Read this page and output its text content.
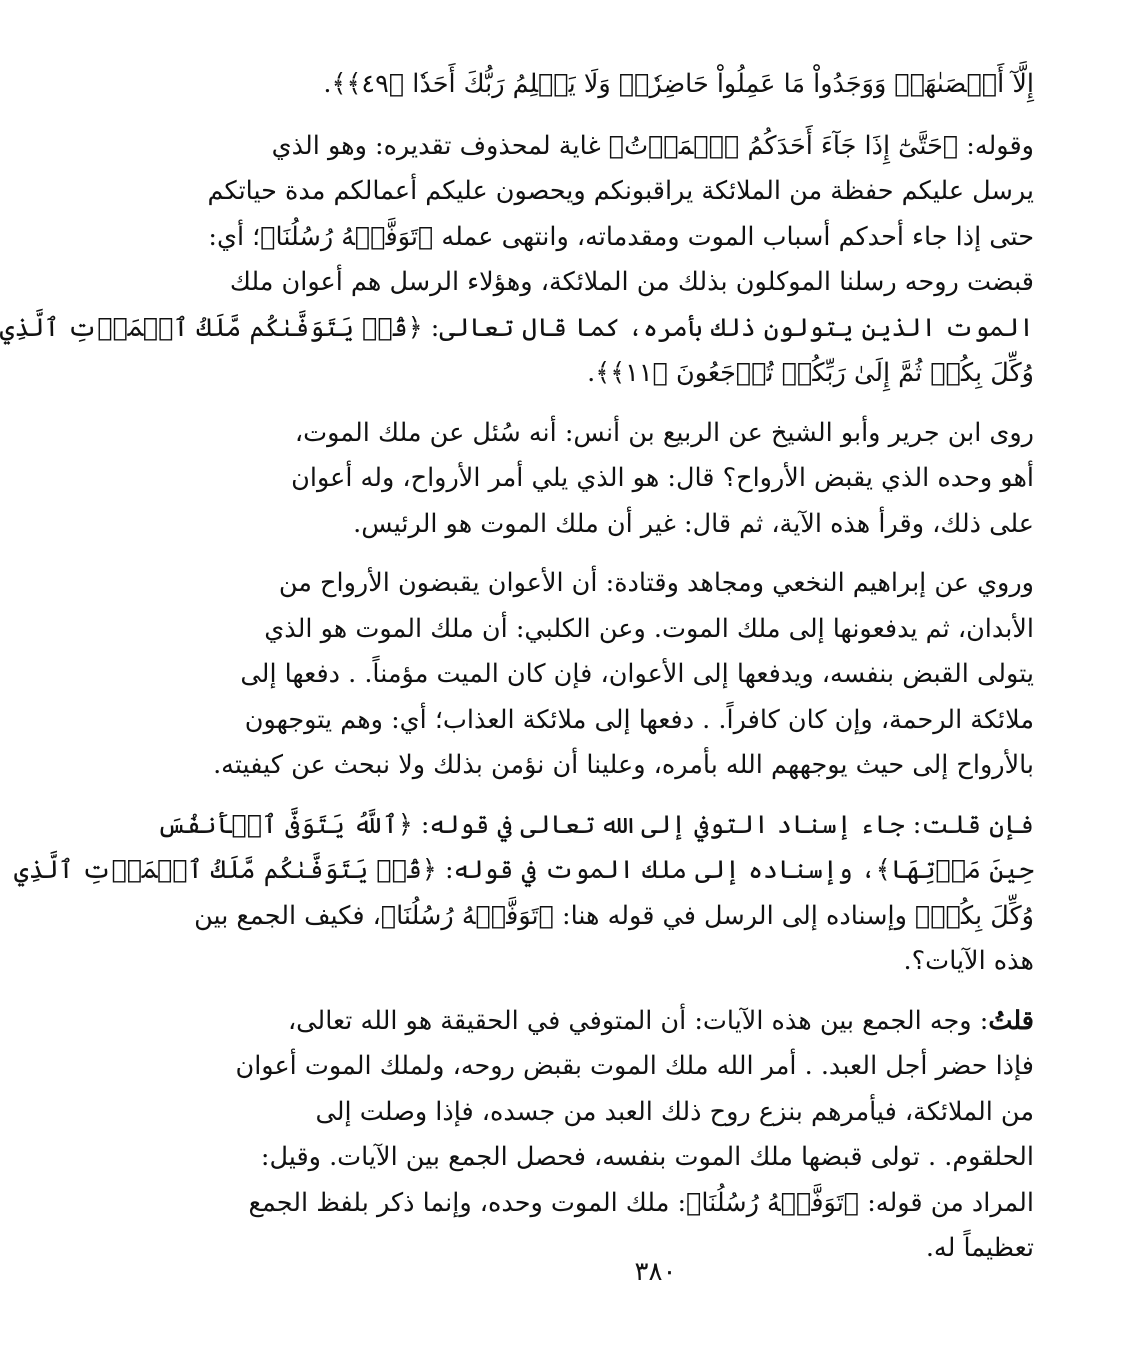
إِلَّآ أَحۡصَىٰهَاۚ وَوَجَدُواْ مَا عَمِلُواْ حَاضِرٗاۗ وَلَا يَظۡلِمُ رَبُّكَ أَحَدٗا ﴿٤٩﴾﴾.
وقوله: ﴿حَتَّىٰٓ إِذَا جَآءَ أَحَدَكُمُ ٱلۡمَوۡتُ﴾ غاية لمحذوف تقديره: وهو الذي
يرسل عليكم حفظة من الملائكة يراقبونكم ويحصون عليكم أعمالكم مدة حياتكم
حتى إذا جاء أحدكم أسباب الموت ومقدماته، وانتهى عمله ﴿تَوَفَّتۡهُ رُسُلُنَا﴾؛ أي:
قبضت روحه رسلنا الموكلون بذلك من الملائكة، وهؤلاء الرسل هم أعوان ملك
الموت الذين يتولون ذلك بأمره، كما قال تعالى: ﴿قُلۡ يَتَوَفَّىٰكُم مَّلَكُ ٱلۡمَوۡتِ ٱلَّذِي
وُكِّلَ بِكُمۡ ثُمَّ إِلَىٰ رَبِّكُمۡ تُرۡجَعُونَ ﴿١١﴾﴾.
روى ابن جرير وأبو الشيخ عن الربيع بن أنس: أنه سُئل عن ملك الموت،
أهو وحده الذي يقبض الأرواح؟ قال: هو الذي يلي أمر الأرواح، وله أعوان
على ذلك، وقرأ هذه الآية، ثم قال: غير أن ملك الموت هو الرئيس.
وروي عن إبراهيم النخعي ومجاهد وقتادة: أن الأعوان يقبضون الأرواح من
الأبدان، ثم يدفعونها إلى ملك الموت. وعن الكلبي: أن ملك الموت هو الذي
يتولى القبض بنفسه، ويدفعها إلى الأعوان، فإن كان الميت مؤمناً. . دفعها إلى
ملائكة الرحمة، وإن كان كافراً. . دفعها إلى ملائكة العذاب؛ أي: وهم يتوجهون
بالأرواح إلى حيث يوجههم الله بأمره، وعلينا أن نؤمن بذلك ولا نبحث عن كيفيته.
فإن قلت: جاء إسناد التوفي إلى الله تعالى في قوله: ﴿ٱللَّهُ يَتَوَفَّى ٱلۡأَنفُسَ
حِينَ مَوۡتِهَا﴾، وإسناده إلى ملك الموت في قوله: ﴿قُلۡ يَتَوَفَّىٰكُم مَّلَكُ ٱلۡمَوۡتِ ٱلَّذِي
وُكِّلَ بِكُمۡ﴾ وإسناده إلى الرسل في قوله هنا: ﴿تَوَفَّتۡهُ رُسُلُنَا﴾، فكيف الجمع بين
هذه الآيات؟.
قلتُ: وجه الجمع بين هذه الآيات: أن المتوفي في الحقيقة هو الله تعالى،
فإذا حضر أجل العبد. . أمر الله ملك الموت بقبض روحه، ولملك الموت أعوان
من الملائكة، فيأمرهم بنزع روح ذلك العبد من جسده، فإذا وصلت إلى
الحلقوم. . تولى قبضها ملك الموت بنفسه، فحصل الجمع بين الآيات. وقيل:
المراد من قوله: ﴿تَوَفَّتۡهُ رُسُلُنَا﴾: ملك الموت وحده، وإنما ذكر بلفظ الجمع
تعظيماً له.
٣٨٠
